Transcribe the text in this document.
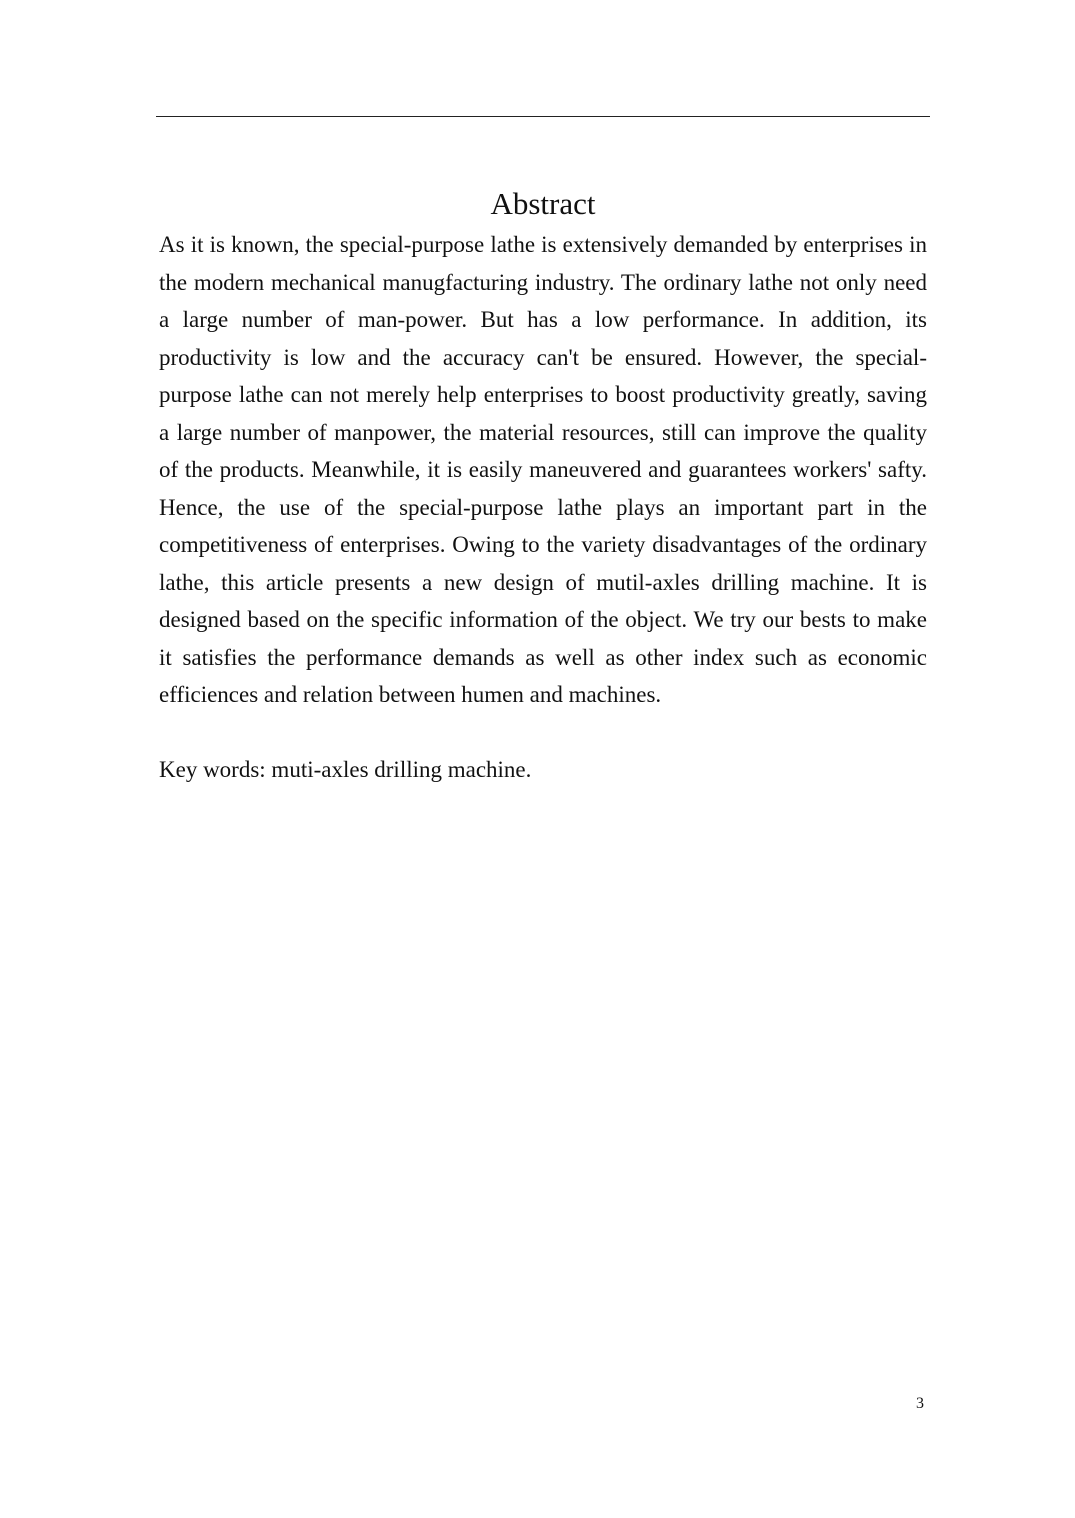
Abstract

As it is known, the special-purpose lathe is extensively demanded by enterprises in the modern mechanical manugfacturing industry. The ordinary lathe not only need a large number of man-power. But has a low performance. In addition, its productivity is low and the accuracy can't be ensured. However, the special-purpose lathe can not merely help enterprises to boost productivity greatly, saving a large number of manpower, the material resources, still can improve the quality of the products. Meanwhile, it is easily maneuvered and guarantees workers' safty. Hence, the use of the special-purpose lathe plays an important part in the competitiveness of enterprises. Owing to the variety disadvantages of the ordinary lathe, this article presents a new design of mutil-axles drilling machine. It is designed based on the specific information of the object. We try our bests to make it satisfies the performance demands as well as other index such as economic efficiences and relation between humen and machines.

Key words: muti-axles drilling machine.

3
